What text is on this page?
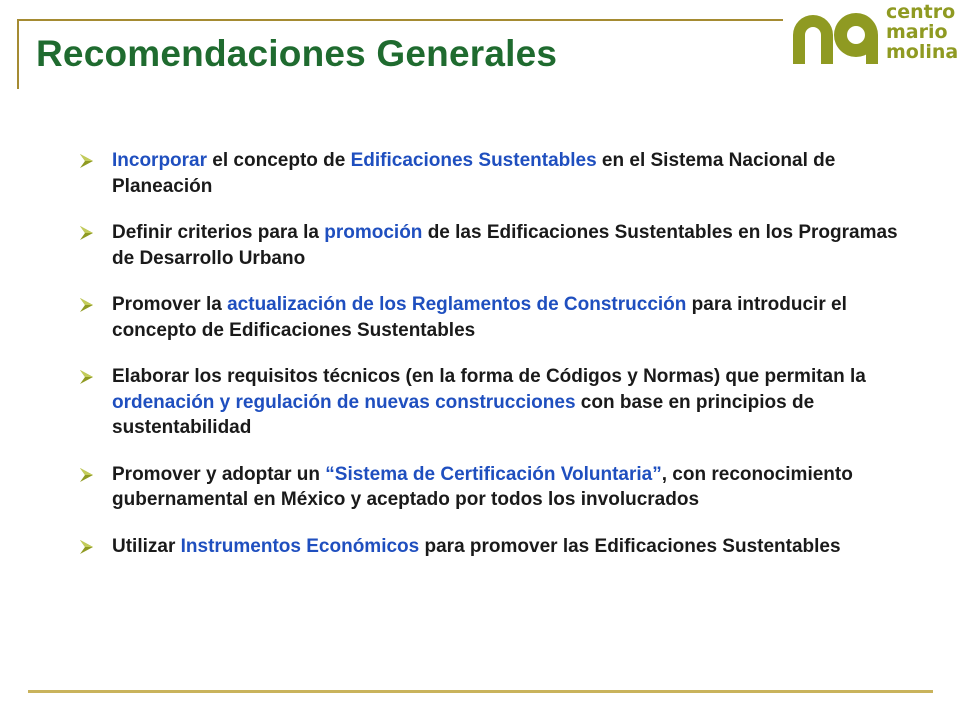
Recomendaciones Generales
centro
mario
molina
Incorporar el concepto de Edificaciones Sustentables en el Sistema Nacional de Planeación
Definir criterios para la promoción de las Edificaciones Sustentables en los Programas de Desarrollo Urbano
Promover la actualización de los Reglamentos de Construcción para introducir el concepto de Edificaciones Sustentables
Elaborar los requisitos técnicos (en la forma de Códigos y Normas) que permitan la ordenación y regulación de nuevas construcciones con base en principios de sustentabilidad
Promover y adoptar un “Sistema de Certificación Voluntaria”, con reconocimiento gubernamental en México y aceptado por todos los involucrados
Utilizar Instrumentos Económicos para promover las Edificaciones Sustentables
